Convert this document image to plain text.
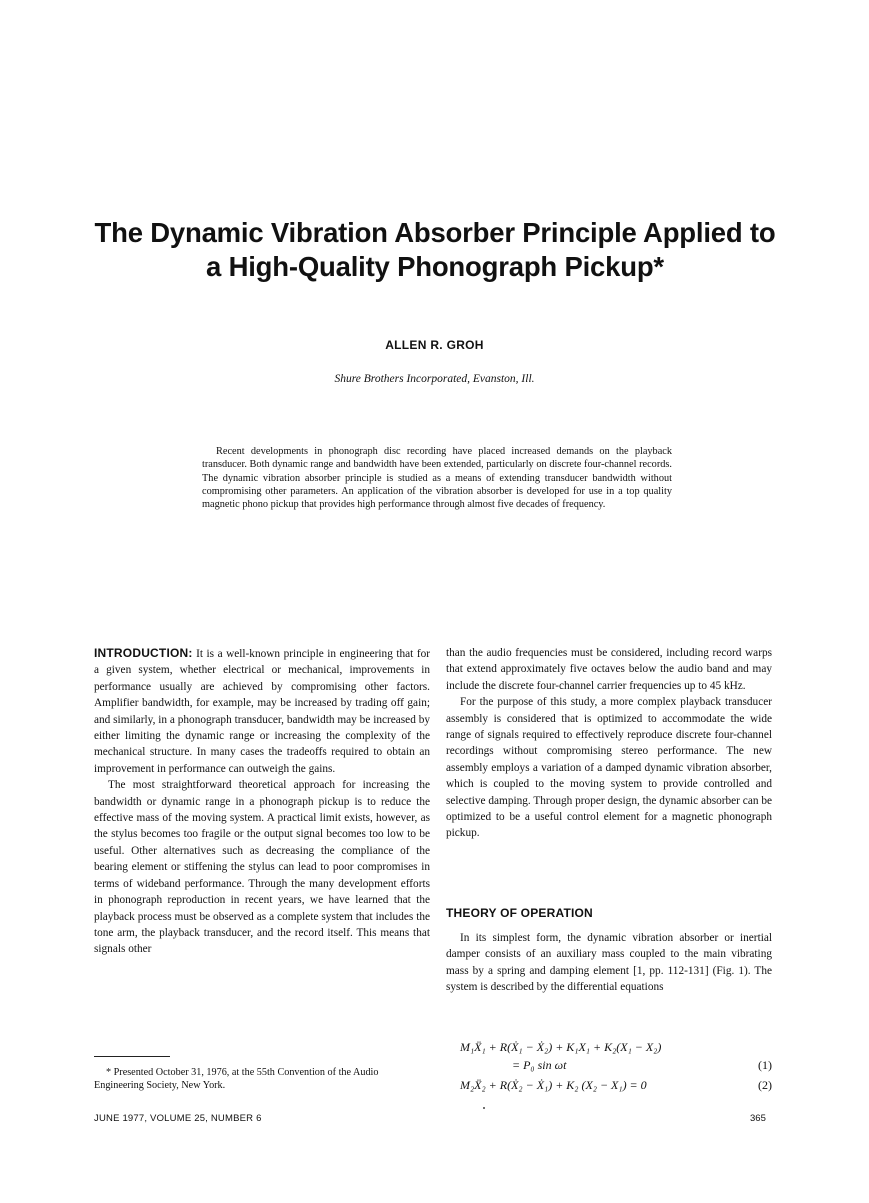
The Dynamic Vibration Absorber Principle Applied to
a High-Quality Phonograph Pickup*
ALLEN R. GROH
Shure Brothers Incorporated, Evanston, Ill.

Recent developments in phonograph disc recording have placed increased demands on the playback transducer. Both dynamic range and bandwidth have been extended, particularly on discrete four-channel records. The dynamic vibration absorber principle is studied as a means of extending transducer bandwidth without compromising other parameters. An application of the vibration absorber is developed for use in a top quality magnetic phono pickup that provides high performance through almost five decades of frequency.

INTRODUCTION: It is a well-known principle in engineering that for a given system, whether electrical or mechanical, improvements in performance usually are achieved by compromising other factors. Amplifier bandwidth, for example, may be increased by trading off gain; and similarly, in a phonograph transducer, bandwidth may be increased by either limiting the dynamic range or increasing the complexity of the mechanical structure. In many cases the tradeoffs required to obtain an improvement in performance can outweigh the gains.

The most straightforward theoretical approach for increasing the bandwidth or dynamic range in a phonograph pickup is to reduce the effective mass of the moving system. A practical limit exists, however, as the stylus becomes too fragile or the output signal becomes too low to be useful. Other alternatives such as decreasing the compliance of the bearing element or stiffening the stylus can lead to poor compromises in terms of wideband performance. Through the many development efforts in phonograph reproduction in recent years, we have learned that the playback process must be observed as a complete system that includes the tone arm, the playback transducer, and the record itself. This means that signals other

than the audio frequencies must be considered, including record warps that extend approximately five octaves below the audio band and may include the discrete four-channel carrier frequencies up to 45 kHz.

For the purpose of this study, a more complex playback transducer assembly is considered that is optimized to accommodate the wide range of signals required to effectively reproduce discrete four-channel recordings without compromising stereo performance. The new assembly employs a variation of a damped dynamic vibration absorber, which is coupled to the moving system to provide controlled and selective damping. Through proper design, the dynamic absorber can be optimized to be a useful control element for a magnetic phonograph pickup.

THEORY OF OPERATION

In its simplest form, the dynamic vibration absorber or inertial damper consists of an auxiliary mass coupled to the main vibrating mass by a spring and damping element [1, pp. 112-131] (Fig. 1). The system is described by the differential equations

M₁Ẍ₁ + R(Ẋ₁ − Ẋ₂) + K₁X₁ + K₂(X₁ − X₂)
= P₀ sin ωt	(1)
M₂Ẍ₂ + R(Ẋ₂ − Ẋ₁) + K₂ (X₂ − X₁) = 0	(2)

* Presented October 31, 1976, at the 55th Convention of the Audio Engineering Society, New York.

JUNE 1977, VOLUME 25, NUMBER 6	365
